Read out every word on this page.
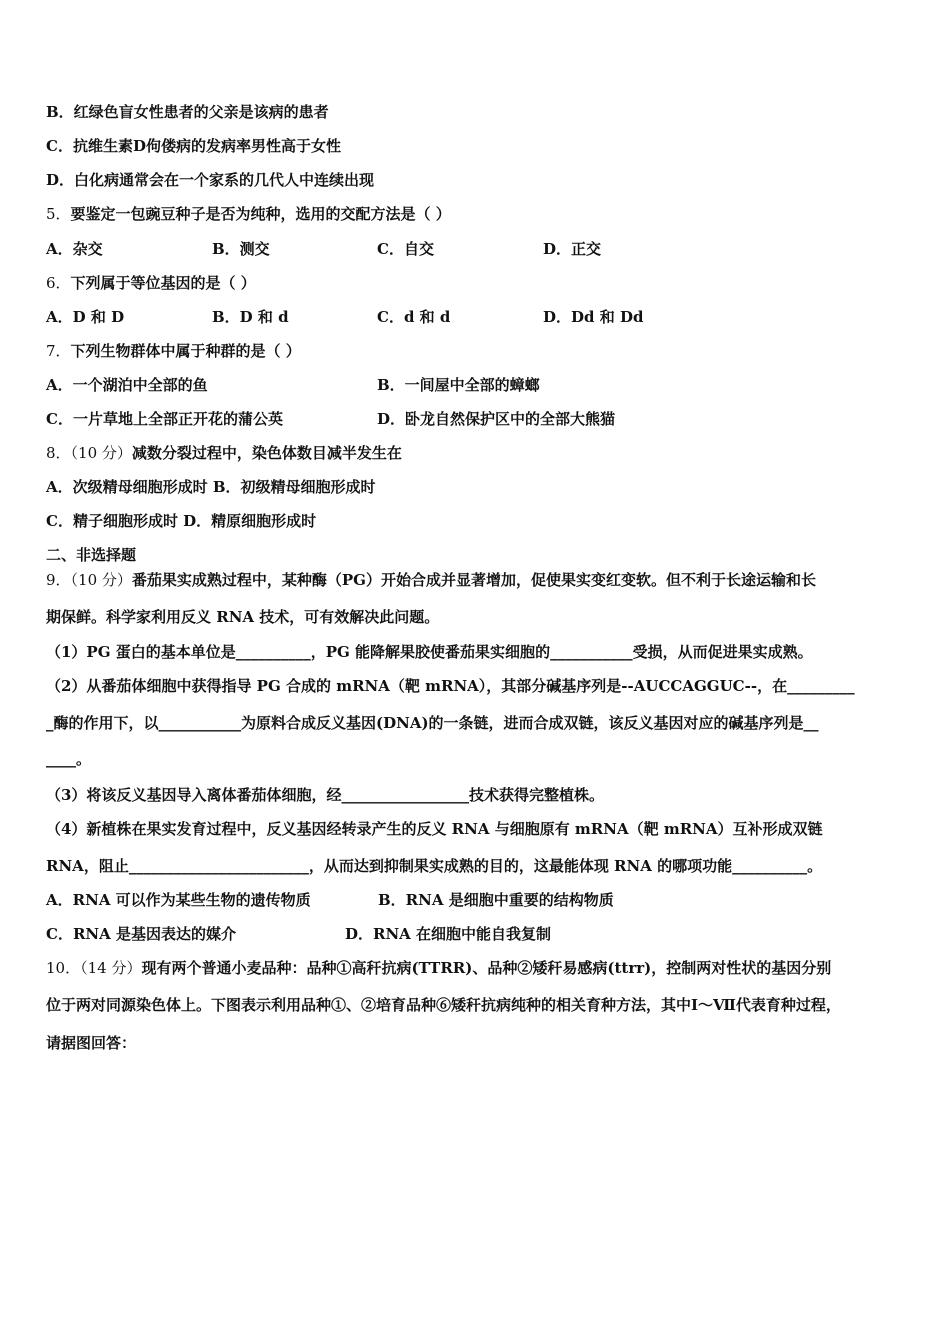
B．红绿色盲女性患者的父亲是该病的患者
C．抗维生素D佝偻病的发病率男性高于女性
D．白化病通常会在一个家系的几代人中连续出现
5．要鉴定一包豌豆种子是否为纯种，选用的交配方法是（ ）
A．杂交	B．测交	C．自交	D．正交
6．下列属于等位基因的是（ ）
A．D 和 D	B．D 和 d	C．d 和 d	D．Dd 和 Dd
7．下列生物群体中属于种群的是（ ）
A．一个湖泊中全部的鱼	B．一间屋中全部的蟑螂
C．一片草地上全部正开花的蒲公英	D．卧龙自然保护区中的全部大熊猫
8．（10 分）减数分裂过程中，染色体数目减半发生在
A．次级精母细胞形成时 B．初级精母细胞形成时
C．精子细胞形成时 D．精原细胞形成时
二、非选择题
9．（10 分）番茄果实成熟过程中，某种酶（PG）开始合成并显著增加，促使果实变红变软。但不利于长途运输和长
期保鲜。科学家利用反义 RNA 技术，可有效解决此问题。
（1）PG 蛋白的基本单位是__________，PG 能降解果胶使番茄果实细胞的___________受损，从而促进果实成熟。
（2）从番茄体细胞中获得指导 PG 合成的 mRNA（靶 mRNA），其部分碱基序列是--AUCCAGGUC--，在_________
_酶的作用下，以___________为原料合成反义基因(DNA)的一条链，进而合成双链，该反义基因对应的碱基序列是__
____。
（3）将该反义基因导入离体番茄体细胞，经_________________技术获得完整植株。
（4）新植株在果实发育过程中，反义基因经转录产生的反义 RNA 与细胞原有 mRNA（靶 mRNA）互补形成双链
RNA，阻止________________________，从而达到抑制果实成熟的目的，这最能体现 RNA 的哪项功能__________。
A．RNA 可以作为某些生物的遗传物质	B．RNA 是细胞中重要的结构物质
C．RNA 是基因表达的媒介	D．RNA 在细胞中能自我复制
10．（14 分）现有两个普通小麦品种：品种①高秆抗病(TTRR)、品种②矮秆易感病(ttrr)，控制两对性状的基因分别
位于两对同源染色体上。下图表示利用品种①、②培育品种⑥矮秆抗病纯种的相关育种方法，其中Ⅰ～Ⅶ代表育种过程，
请据图回答：
